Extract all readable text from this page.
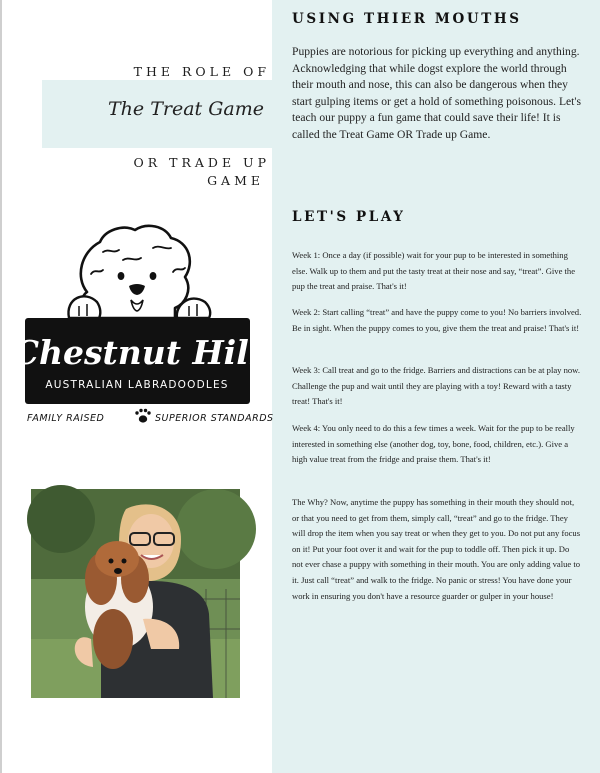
THE ROLE OF
The Treat Game
OR TRADE UP
GAME
Chestnut Hill
AUSTRALIAN LABRADOODLES
FAMILY RAISED	SUPERIOR STANDARDS
USING THIER MOUTHS
Puppies are notorious for picking up everything and anything. Acknowledging that while dogst explore the world through their mouth and nose, this can also be dangerous when they start gulping items or get a hold of something poisonous. Let's teach our puppy a fun game that could save their life! It is called the Treat Game OR Trade up Game.
LET'S PLAY
Week 1: Once a day (if possible) wait for your pup to be interested in something else. Walk up to them and put the tasty treat at their nose and say, “treat”. Give the pup the treat and praise. That's it!
Week 2: Start calling “treat” and have the puppy come to you! No barriers involved. Be in sight. When the puppy comes to you, give them the treat and praise! That's it!
Week 3: Call treat and go to the fridge. Barriers and distractions can be at play now. Challenge the pup and wait until they are playing with a toy! Reward with a tasty treat! That's it!
Week 4: You only need to do this a few times a week. Wait for the pup to be really interested in something else (another dog, toy, bone, food, children, etc.). Give a high value treat from the fridge and praise them. That's it!
The Why? Now, anytime the puppy has something in their mouth they should not, or that you need to get from them, simply call, “treat” and go to the fridge. They will drop the item when you say treat or when they get to you. Do not put any focus on it! Put your foot over it and wait for the pup to toddle off. Then pick it up. Do not ever chase a puppy with something in their mouth. You are only adding value to it. Just call “treat” and walk to the fridge. No panic or stress! You have done your work in ensuring you don't have a resource guarder or gulper in your house!
